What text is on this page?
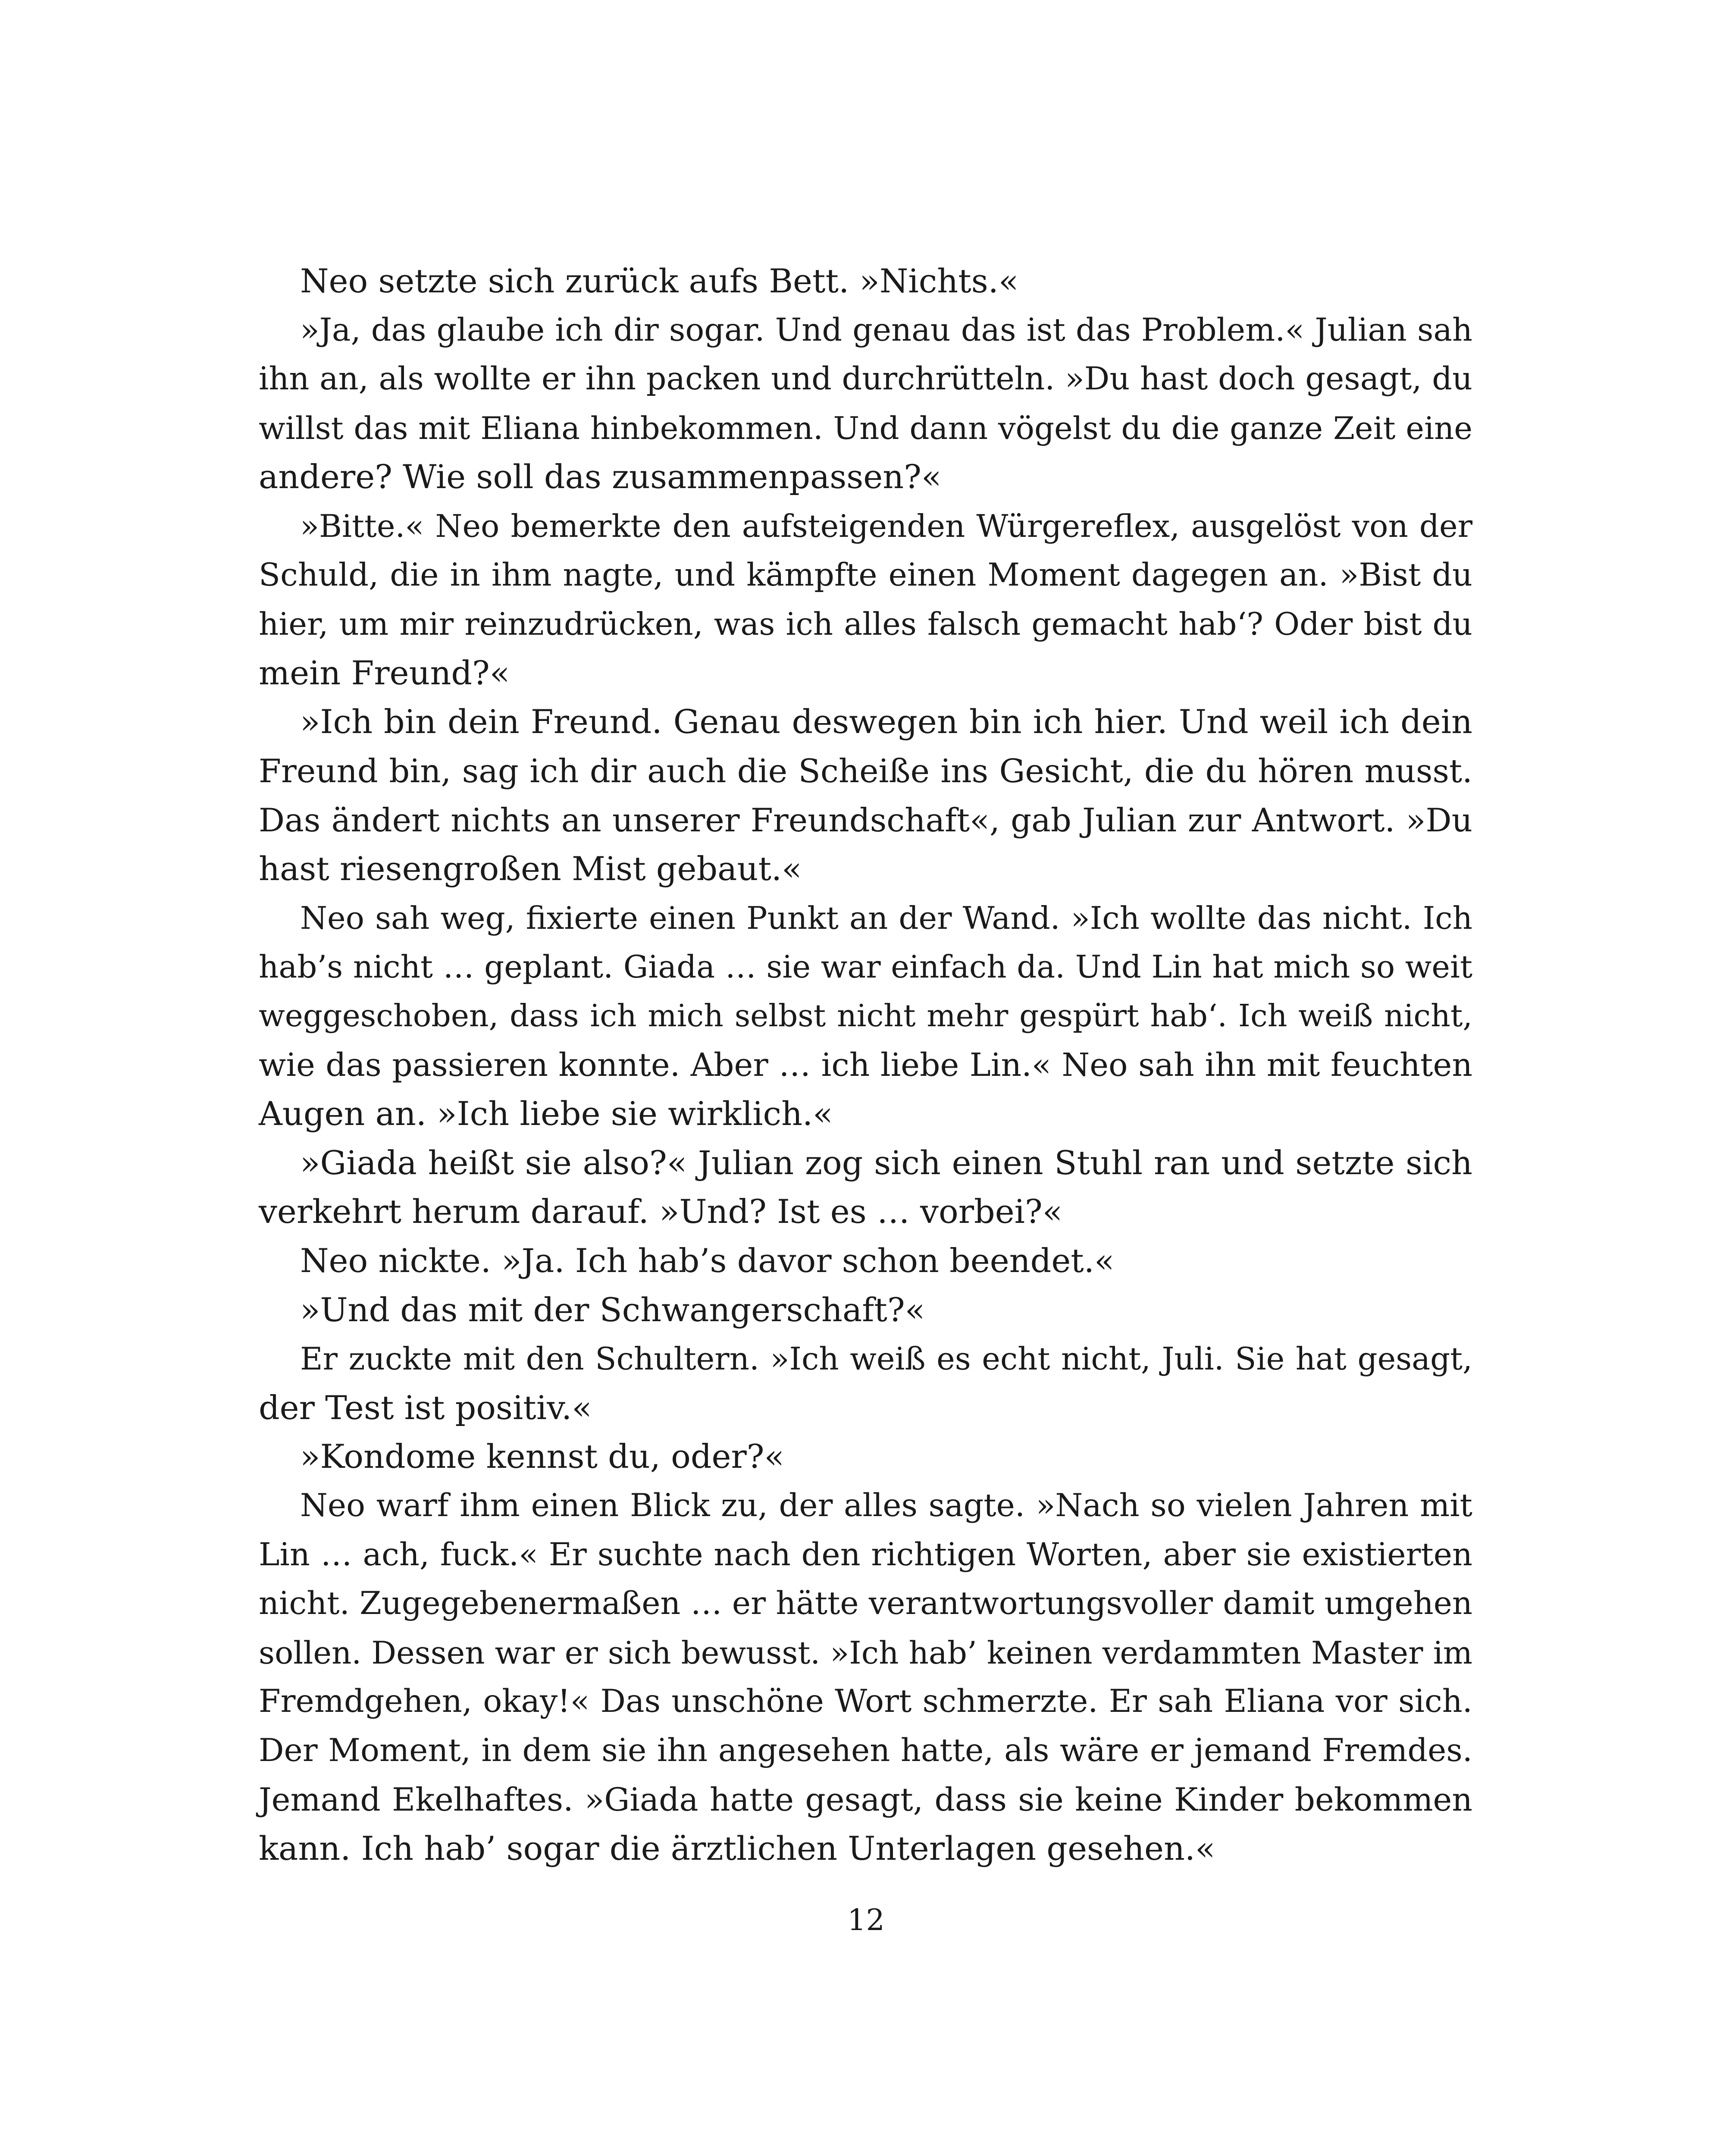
Neo setzte sich zurück aufs Bett. »Nichts.«
»Ja, das glaube ich dir sogar. Und genau das ist das Problem.« Julian sah
ihn an, als wollte er ihn packen und durchrütteln. »Du hast doch gesagt, du
willst das mit Eliana hinbekommen. Und dann vögelst du die ganze Zeit eine
andere? Wie soll das zusammenpassen?«
»Bitte.« Neo bemerkte den aufsteigenden Würgereflex, ausgelöst von der
Schuld, die in ihm nagte, und kämpfte einen Moment dagegen an. »Bist du
hier, um mir reinzudrücken, was ich alles falsch gemacht hab‘? Oder bist du
mein Freund?«
»Ich bin dein Freund. Genau deswegen bin ich hier. Und weil ich dein
Freund bin, sag ich dir auch die Scheiße ins Gesicht, die du hören musst.
Das ändert nichts an unserer Freundschaft«, gab Julian zur Antwort. »Du
hast riesengroßen Mist gebaut.«
Neo sah weg, fixierte einen Punkt an der Wand. »Ich wollte das nicht. Ich
hab’s nicht … geplant. Giada … sie war einfach da. Und Lin hat mich so weit
weggeschoben, dass ich mich selbst nicht mehr gespürt hab‘. Ich weiß nicht,
wie das passieren konnte. Aber … ich liebe Lin.« Neo sah ihn mit feuchten
Augen an. »Ich liebe sie wirklich.«
»Giada heißt sie also?« Julian zog sich einen Stuhl ran und setzte sich
verkehrt herum darauf. »Und? Ist es … vorbei?«
Neo nickte. »Ja. Ich hab’s davor schon beendet.«
»Und das mit der Schwangerschaft?«
Er zuckte mit den Schultern. »Ich weiß es echt nicht, Juli. Sie hat gesagt,
der Test ist positiv.«
»Kondome kennst du, oder?«
Neo warf ihm einen Blick zu, der alles sagte. »Nach so vielen Jahren mit
Lin … ach, fuck.« Er suchte nach den richtigen Worten, aber sie existierten
nicht. Zugegebenermaßen … er hätte verantwortungsvoller damit umgehen
sollen. Dessen war er sich bewusst. »Ich hab’ keinen verdammten Master im
Fremdgehen, okay!« Das unschöne Wort schmerzte. Er sah Eliana vor sich.
Der Moment, in dem sie ihn angesehen hatte, als wäre er jemand Fremdes.
Jemand Ekelhaftes. »Giada hatte gesagt, dass sie keine Kinder bekommen
kann. Ich hab’ sogar die ärztlichen Unterlagen gesehen.«
12
